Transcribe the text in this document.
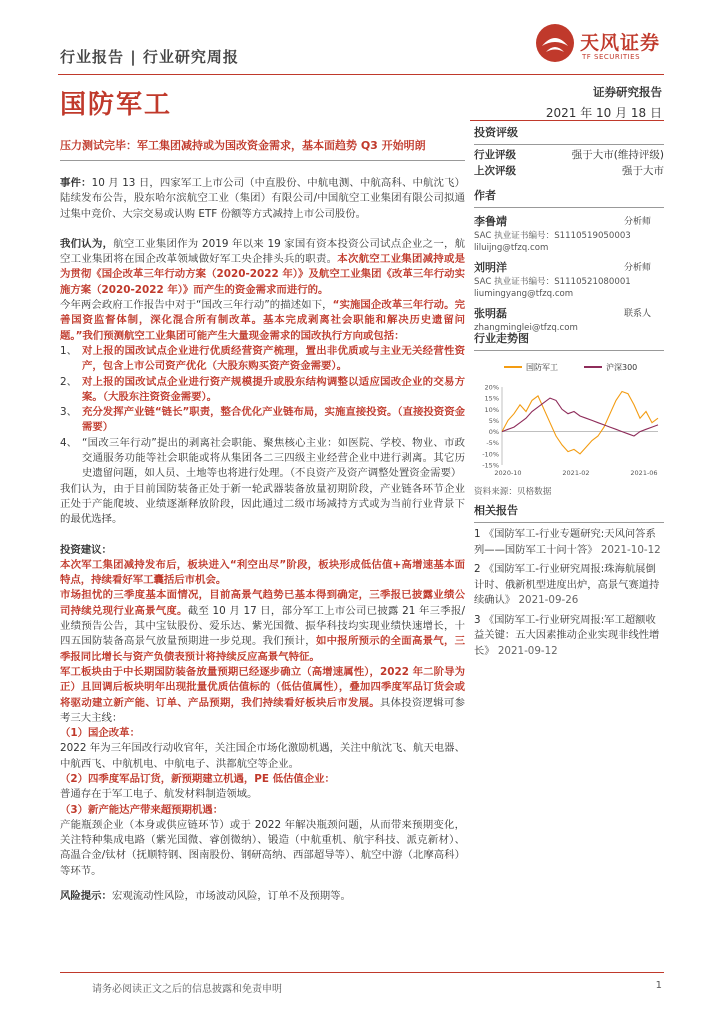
行业报告 | 行业研究周报
天风证券
TF SECURITIES
国防军工	证券研究报告
2021 年 10 月 18 日
压力测试完毕：军工集团减持或为国改资金需求，基本面趋势 Q3 开始明朗

事件：10 月 13 日，四家军工上市公司（中直股份、中航电测、中航高科、中航沈飞）陆续发布公告，股东哈尔滨航空工业（集团）有限公司/中国航空工业集团有限公司拟通过集中竞价、大宗交易或认购 ETF 份额等方式减持上市公司股份。

我们认为，航空工业集团作为 2019 年以来 19 家国有资本投资公司试点企业之一，航空工业集团将在国企改革领域做好军工央企排头兵的职责。本次航空工业集团减持或是为贯彻《国企改革三年行动方案（2020-2022 年）》及航空工业集团《改革三年行动实施方案（2020-2022 年）》而产生的资金需求而进行的。

今年两会政府工作报告中对于“国改三年行动”的描述如下，“实施国企改革三年行动。完善国资监督体制，深化混合所有制改革。基本完成剥离社会职能和解决历史遗留问题。”我们预测航空工业集团可能产生大量现金需求的国改执行方向或包括：

1、 对上报的国改试点企业进行优质经营资产梳理，置出非优质或与主业无关经营性资产，包含上市公司资产优化（大股东购买资产资金需要）。
2、 对上报的国改试点企业进行资产规模提升或股东结构调整以适应国改企业的交易方案。（大股东注资资金需要）。
3、 充分发挥产业链“链长”职责，整合优化产业链布局，实施直接投资。（直接投资资金需要）
4、 “国改三年行动”提出的剥离社会职能、聚焦核心主业：如医院、学校、物业、市政交通服务功能等社会职能或将从集团各二三四级主业经营企业中进行剥离。其它历史遗留问题，如人员、土地等也将进行处理。（不良资产及资产调整处置资金需要）

我们认为，由于目前国防装备正处于新一轮武器装备放量初期阶段，产业链各环节企业正处于产能爬坡、业绩逐渐释放阶段，因此通过二级市场减持方式或为当前行业背景下的最优选择。

投资建议：
本次军工集团减持发布后，板块进入“利空出尽”阶段，板块形成低估值+高增速基本面特点，持续看好军工囊括后市机会。

市场担忧的三季度基本面情况，目前高景气趋势已基本得到确定，三季报已披露业绩公司持续兑现行业高景气度。截至 10 月 17 日，部分军工上市公司已披露 21 年三季报/业绩预告公告，其中宝钛股份、爱乐达、紫光国微、振华科技均实现业绩快速增长，十四五国防装备高景气放量预期进一步兑现。我们预计，如中报所预示的全面高景气，三季报同比增长与资产负债表预计将持续反应高景气特征。

军工板块由于中长期国防装备放量预期已经逐步确立（高增速属性），2022 年二阶导为正）且回调后板块明年出现批量优质估值标的（低估值属性），叠加四季度军品订货会或将驱动建立新产能、订单、产品预期，我们持续看好板块后市发展。具体投资逻辑可参考三大主线：

（1）国企改革：
2022 年为三年国改行动收官年，关注国企市场化激励机遇，关注中航沈飞、航天电器、中航西飞、中航机电、中航电子、洪都航空等企业。

（2）四季度军品订货，新预期建立机遇，PE 低估值企业：
普通存在于军工电子、航发材料制造领域。

（3）新产能达产带来超预期机遇：
产能瓶颈企业（本身或供应链环节）或于 2022 年解决瓶颈问题，从而带来预期变化，关注特种集成电路（紫光国微、睿创微纳）、锻造（中航重机、航宇科技、派克新材）、高温合金/钛材（抚顺特钢、图南股份、钢研高纳、西部超导等）、航空中游（北摩高科）等环节。

风险提示：宏观流动性风险，市场波动风险，订单不及预期等。

投资评级
行业评级	强于大市(维持评级)
上次评级	强于大市
作者
李鲁靖	分析师
SAC 执业证书编号：S1110519050003
liluijng@tfzq.com
刘明洋	分析师
SAC 执业证书编号：S1110521080001
liumingyang@tfzq.com
张明磊	联系人
zhangminglei@tfzq.com
行业走势图
国防军工	沪深300
20%
15%
10%
5%
0%
-5%
-10%
-15%
2020-10	2021-02	2021-06
资料来源：贝格数据
相关报告
1 《国防军工-行业专题研究:天风问答系列——国防军工十问十答》 2021-10-12
2 《国防军工-行业研究周报:珠海航展倒计时、俄新机型进度出炉，高景气赛道持续确认》 2021-09-26
3 《国防军工-行业研究周报:军工超额收益关键：五大因素推动企业实现非线性增长》 2021-09-12
请务必阅读正文之后的信息披露和免责申明	1
